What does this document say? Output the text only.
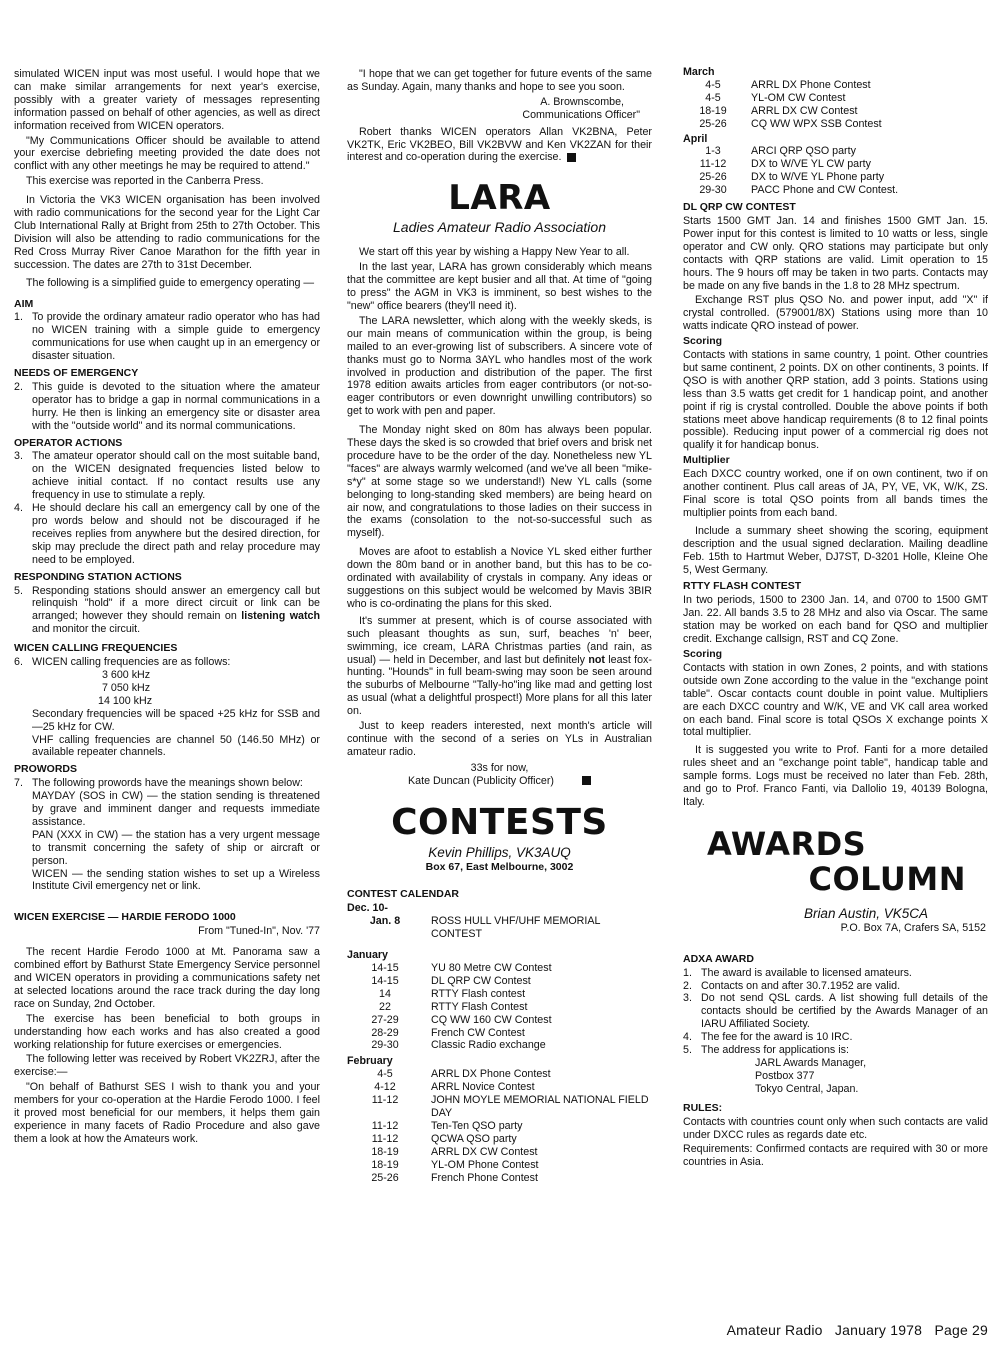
simulated WICEN input was most useful. I would hope that we can make similar arrangements for next year's exercise, possibly with a greater variety of messages representing information passed on behalf of other agencies, as well as direct information received from WICEN operators.

"My Communications Officer should be available to attend your exercise debriefing meeting provided the date does not conflict with any other meetings he may be required to attend."

This exercise was reported in the Canberra Press.

In Victoria the VK3 WICEN organisation has been involved with radio communications for the second year for the Light Car Club International Rally at Bright from 25th to 27th October. This Division will also be attending to radio communications for the Red Cross Murray River Canoe Marathon for the fifth year in succession. The dates are 27th to 31st December.

The following is a simplified guide to emergency operating —

AIM
1. To provide the ordinary amateur radio operator who has had no WICEN training with a simple guide to emergency communications for use when caught up in an emergency or disaster situation.
NEEDS OF EMERGENCY
2. This guide is devoted to the situation where the amateur operator has to bridge a gap in normal communications in a hurry. He then is linking an emergency site or disaster area with the "outside world" and its normal communications.
OPERATOR ACTIONS
3. The amateur operator should call on the most suitable band, on the WICEN designated frequencies listed below to achieve initial contact. If no contact results use any frequency in use to stimulate a reply.
4. He should declare his call an emergency call by one of the pro words below and should not be discouraged if he receives replies from anywhere but the desired direction, for skip may preclude the direct path and relay procedure may need to be employed.
RESPONDING STATION ACTIONS
5. Responding stations should answer an emergency call but relinquish "hold" if a more direct circuit or link can be arranged; however they should remain on listening watch and monitor the circuit.
WICEN CALLING FREQUENCIES
6. WICEN calling frequencies are as follows:
3 600 kHz
7 050 kHz
14 100 kHz
Secondary frequencies will be spaced +25 kHz for SSB and —25 kHz for CW.
VHF calling frequencies are channel 50 (146.50 MHz) or available repeater channels.
PROWORDS
7. The following prowords have the meanings shown below:
MAYDAY (SOS in CW) — the station sending is threatened by grave and imminent danger and requests immediate assistance.
PAN (XXX in CW) — the station has a very urgent message to transmit concerning the safety of ship or aircraft or person.
WICEN — the sending station wishes to set up a Wireless Institute Civil emergency net or link.
WICEN EXERCISE — HARDIE FERODO 1000
From "Tuned-In", Nov. '77

The recent Hardie Ferodo 1000 at Mt. Panorama saw a combined effort by Bathurst State Emergency Service personnel and WICEN operators in providing a communications safety net at selected locations around the race track during the day long race on Sunday, 2nd October.

The exercise has been beneficial to both groups in understanding how each works and has also created a good working relationship for future exercises or emergencies.

The following letter was received by Robert VK2ZRJ, after the exercise:—

"On behalf of Bathurst SES I wish to thank you and your members for your co-operation at the Hardie Ferodo 1000. I feel it proved most beneficial for our members, it helps them gain experience in many facets of Radio Procedure and also gave them a look at how the Amateurs work.

"I hope that we can get together for future events of the same as Sunday. Again, many thanks and hope to see you soon.

A. Brownscombe,
Communications Officer"

Robert thanks WICEN operators Allan VK2BNA, Peter VK2TK, Eric VK2BEO, Bill VK2BVW and Ken VK2ZAN for their interest and co-operation during the exercise.

LARA
Ladies Amateur Radio Association

We start off this year by wishing a Happy New Year to all.

In the last year, LARA has grown considerably which means that the committee are kept busier and all that. At time of "going to press" the AGM in VK3 is imminent, so best wishes to the "new" office bearers (they'll need it).

The LARA newsletter, which along with the weekly skeds, is our main means of communication within the group, is being mailed to an ever-growing list of subscribers. A sincere vote of thanks must go to Norma 3AYL who handles most of the work involved in production and distribution of the paper. The first 1978 edition awaits articles from eager contributors (or not-so-eager contributors or even downright unwilling contributors) so get to work with pen and paper.

The Monday night sked on 80m has always been popular. These days the sked is so crowded that brief overs and brisk net procedure have to be the order of the day. Nonetheless new YL "faces" are always warmly welcomed (and we've all been "mike-s*y" at some stage so we understand!) New YL calls (some belonging to long-standing sked members) are being heard on air now, and congratulations to those ladies on their success in the exams (consolation to the not-so-successful such as myself).

Moves are afoot to establish a Novice YL sked either further down the 80m band or in another band, but this has to be co-ordinated with availability of crystals in company. Any ideas or suggestions on this subject would be welcomed by Mavis 3BIR who is co-ordinating the plans for this sked.

It's summer at present, which is of course associated with such pleasant thoughts as sun, surf, beaches 'n' beer, swimming, ice cream, LARA Christmas parties (and rain, as usual) — held in December, and last but definitely not least fox-hunting. "Hounds" in full beam-swing may soon be seen around the suburbs of Melbourne "Tally-ho"ing like mad and getting lost as usual (what a delightful prospect!) More plans for all this later on.

Just to keep readers interested, next month's article will continue with the second of a series on YLs in Australian amateur radio.

33s for now,
Kate Duncan (Publicity Officer)
CONTESTS
Kevin Phillips, VK3AUQ
Box 67, East Melbourne, 3002
CONTEST CALENDAR
Dec. 10-
Jan. 8	ROSS HULL VHF/UHF MEMORIAL CONTEST
January
14-15	YU 80 Metre CW Contest
14-15	DL QRP CW Contest
14	RTTY Flash contest
22	RTTY Flash Contest
27-29	CQ WW 160 CW Contest
28-29	French CW Contest
29-30	Classic Radio exchange
February
4-5	ARRL DX Phone Contest
4-12	ARRL Novice Contest
11-12	JOHN MOYLE MEMORIAL NATIONAL FIELD DAY
11-12	Ten-Ten QSO party
11-12	QCWA QSO party
18-19	ARRL DX CW Contest
18-19	YL-OM Phone Contest
25-26	French Phone Contest
March
4-5	ARRL DX Phone Contest
4-5	YL-OM CW Contest
18-19	ARRL DX CW Contest
25-26	CQ WW WPX SSB Contest
April
1-3	ARCI QRP QSO party
11-12	DX to W/VE YL CW party
25-26	DX to W/VE YL Phone party
29-30	PACC Phone and CW Contest.
DL QRP CW CONTEST

Starts 1500 GMT Jan. 14 and finishes 1500 GMT Jan. 15. Power input for this contest is limited to 10 watts or less, single operator and CW only. QRO stations may participate but only contacts with QRP stations are valid. Limit operation to 15 hours. The 9 hours off may be taken in two parts. Contacts may be made on any five bands in the 1.8 to 28 MHz spectrum.

Exchange RST plus QSO No. and power input, add "X" if crystal controlled. (579001/8X) Stations using more than 10 watts indicate QRO instead of power.

Scoring

Contacts with stations in same country, 1 point. Other countries but same continent, 2 points. DX on other continents, 3 points. If QSO is with another QRP station, add 3 points. Stations using less than 3.5 watts get credit for 1 handicap point, and another point if rig is crystal controlled. Double the above points if both stations meet above handicap requirements (8 to 12 final points possible). Reducing input power of a commercial rig does not qualify it for handicap bonus.

Multiplier

Each DXCC country worked, one if on own continent, two if on another continent. Plus call areas of JA, PY, VE, VK, W/K, ZS. Final score is total QSO points from all bands times the multiplier points from each band.

Include a summary sheet showing the scoring, equipment description and the usual signed declaration. Mailing deadline Feb. 15th to Hartmut Weber, DJ7ST, D-3201 Holle, Kleine Ohe 5, West Germany.

RTTY FLASH CONTEST

In two periods, 1500 to 2300 Jan. 14, and 0700 to 1500 GMT Jan. 22. All bands 3.5 to 28 MHz and also via Oscar. The same station may be worked on each band for QSO and multiplier credit. Exchange callsign, RST and CQ Zone.

Scoring

Contacts with station in own Zones, 2 points, and with stations outside own Zone according to the value in the "exchange point table". Oscar contacts count double in point value. Multipliers are each DXCC country and W/K, VE and VK call area worked on each band. Final score is total QSOs X exchange points X total multiplier.

It is suggested you write to Prof. Fanti for a more detailed rules sheet and an "exchange point table", handicap table and sample forms. Logs must be received no later than Feb. 28th, and go to Prof. Franco Fanti, via Dallolio 19, 40139 Bologna, Italy.

AWARDS
COLUMN
Brian Austin, VK5CA
P.O. Box 7A, Crafers SA, 5152
ADXA AWARD
1. The award is available to licensed amateurs.
2. Contacts on and after 30.7.1952 are valid.
3. Do not send QSL cards. A list showing full details of the contacts should be certified by the Awards Manager of an IARU Affiliated Society.
4. The fee for the award is 10 IRC.
5. The address for applications is:
JARL Awards Manager,
Postbox 377
Tokyo Central, Japan.
RULES:

Contacts with countries count only when such contacts are valid under DXCC rules as regards date etc.

Requirements: Confirmed contacts are required with 30 or more countries in Asia.

Amateur Radio January 1978 Page 29
